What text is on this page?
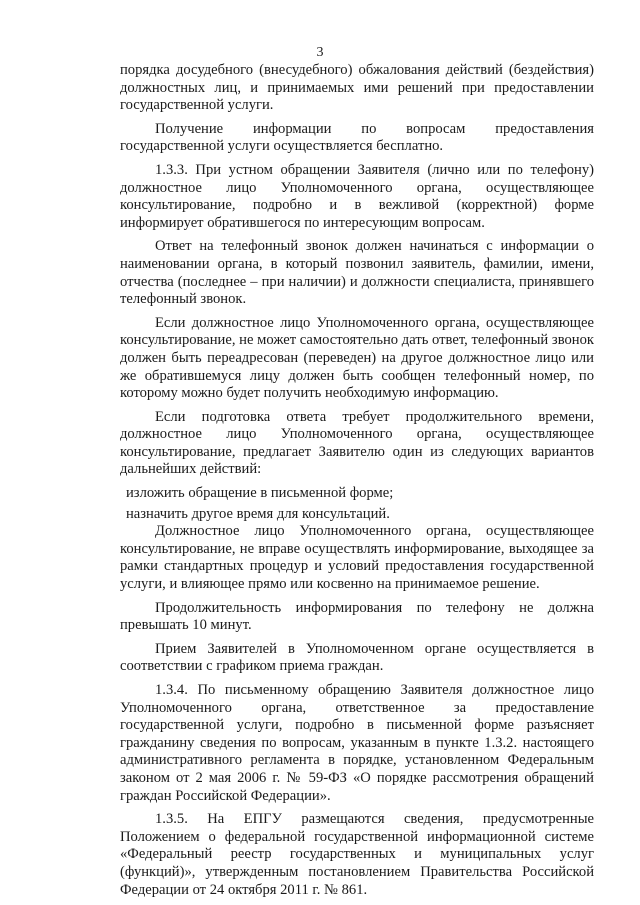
3

порядка досудебного (внесудебного) обжалования действий (бездействия) должностных лиц, и принимаемых ими решений при предоставлении государственной услуги.

Получение информации по вопросам предоставления государственной услуги осуществляется бесплатно.

1.3.3. При устном обращении Заявителя (лично или по телефону) должностное лицо Уполномоченного органа, осуществляющее консультирование, подробно и в вежливой (корректной) форме информирует обратившегося по интересующим вопросам.

Ответ на телефонный звонок должен начинаться с информации о наименовании органа, в который позвонил заявитель, фамилии, имени, отчества (последнее – при наличии) и должности специалиста, принявшего телефонный звонок.

Если должностное лицо Уполномоченного органа, осуществляющее консультирование, не может самостоятельно дать ответ, телефонный звонок должен быть переадресован (переведен) на другое должностное лицо или же обратившемуся лицу должен быть сообщен телефонный номер, по которому можно будет получить необходимую информацию.

Если подготовка ответа требует продолжительного времени, должностное лицо Уполномоченного органа, осуществляющее консультирование, предлагает Заявителю один из следующих вариантов дальнейших действий:

изложить обращение в письменной форме;

назначить другое время для консультаций.

Должностное лицо Уполномоченного органа, осуществляющее консультирование, не вправе осуществлять информирование, выходящее за рамки стандартных процедур и условий предоставления государственной услуги, и влияющее прямо или косвенно на принимаемое решение.

Продолжительность информирования по телефону не должна превышать 10 минут.

Прием Заявителей в Уполномоченном органе осуществляется в соответствии с графиком приема граждан.

1.3.4. По письменному обращению Заявителя должностное лицо Уполномоченного органа, ответственное за предоставление государственной услуги, подробно в письменной форме разъясняет гражданину сведения по вопросам, указанным в пункте 1.3.2. настоящего административного регламента в порядке, установленном Федеральным законом от 2 мая 2006 г. № 59-ФЗ «О порядке рассмотрения обращений граждан Российской Федерации».

1.3.5. На ЕПГУ размещаются сведения, предусмотренные Положением о федеральной государственной информационной системе «Федеральный реестр государственных и муниципальных услуг (функций)», утвержденным постановлением Правительства Российской Федерации от 24 октября 2011 г. № 861.
